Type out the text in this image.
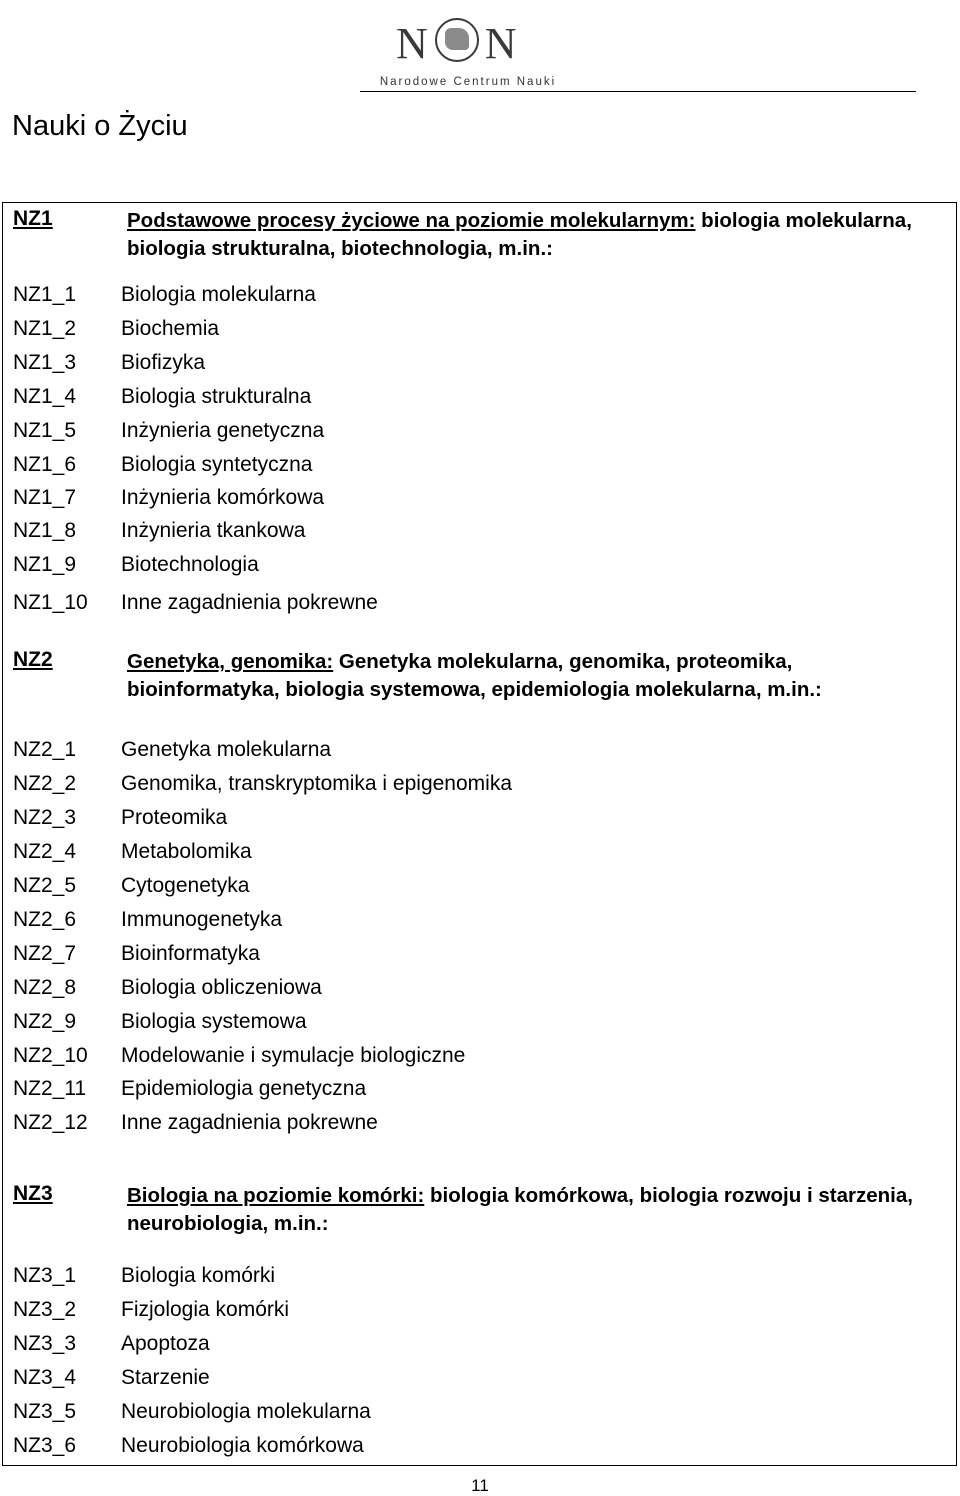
N N
Narodowe Centrum Nauki
Nauki o Życiu
NZ1	Podstawowe procesy życiowe na poziomie molekularnym: biologia molekularna, biologia strukturalna, biotechnologia, m.in.:
NZ1_1 Biologia molekularna
NZ1_2 Biochemia
NZ1_3 Biofizyka
NZ1_4 Biologia strukturalna
NZ1_5 Inżynieria genetyczna
NZ1_6 Biologia syntetyczna
NZ1_7 Inżynieria komórkowa
NZ1_8 Inżynieria tkankowa
NZ1_9 Biotechnologia
NZ1_10 Inne zagadnienia pokrewne
NZ2	Genetyka, genomika: Genetyka molekularna, genomika, proteomika, bioinformatyka, biologia systemowa, epidemiologia molekularna, m.in.:
NZ2_1 Genetyka molekularna
NZ2_2 Genomika, transkryptomika i epigenomika
NZ2_3 Proteomika
NZ2_4 Metabolomika
NZ2_5 Cytogenetyka
NZ2_6 Immunogenetyka
NZ2_7 Bioinformatyka
NZ2_8 Biologia obliczeniowa
NZ2_9 Biologia systemowa
NZ2_10 Modelowanie i symulacje biologiczne
NZ2_11 Epidemiologia genetyczna
NZ2_12 Inne zagadnienia pokrewne
NZ3	Biologia na poziomie komórki: biologia komórkowa, biologia rozwoju i starzenia, neurobiologia, m.in.:
NZ3_1 Biologia komórki
NZ3_2 Fizjologia komórki
NZ3_3 Apoptoza
NZ3_4 Starzenie
NZ3_5 Neurobiologia molekularna
NZ3_6 Neurobiologia komórkowa
11
